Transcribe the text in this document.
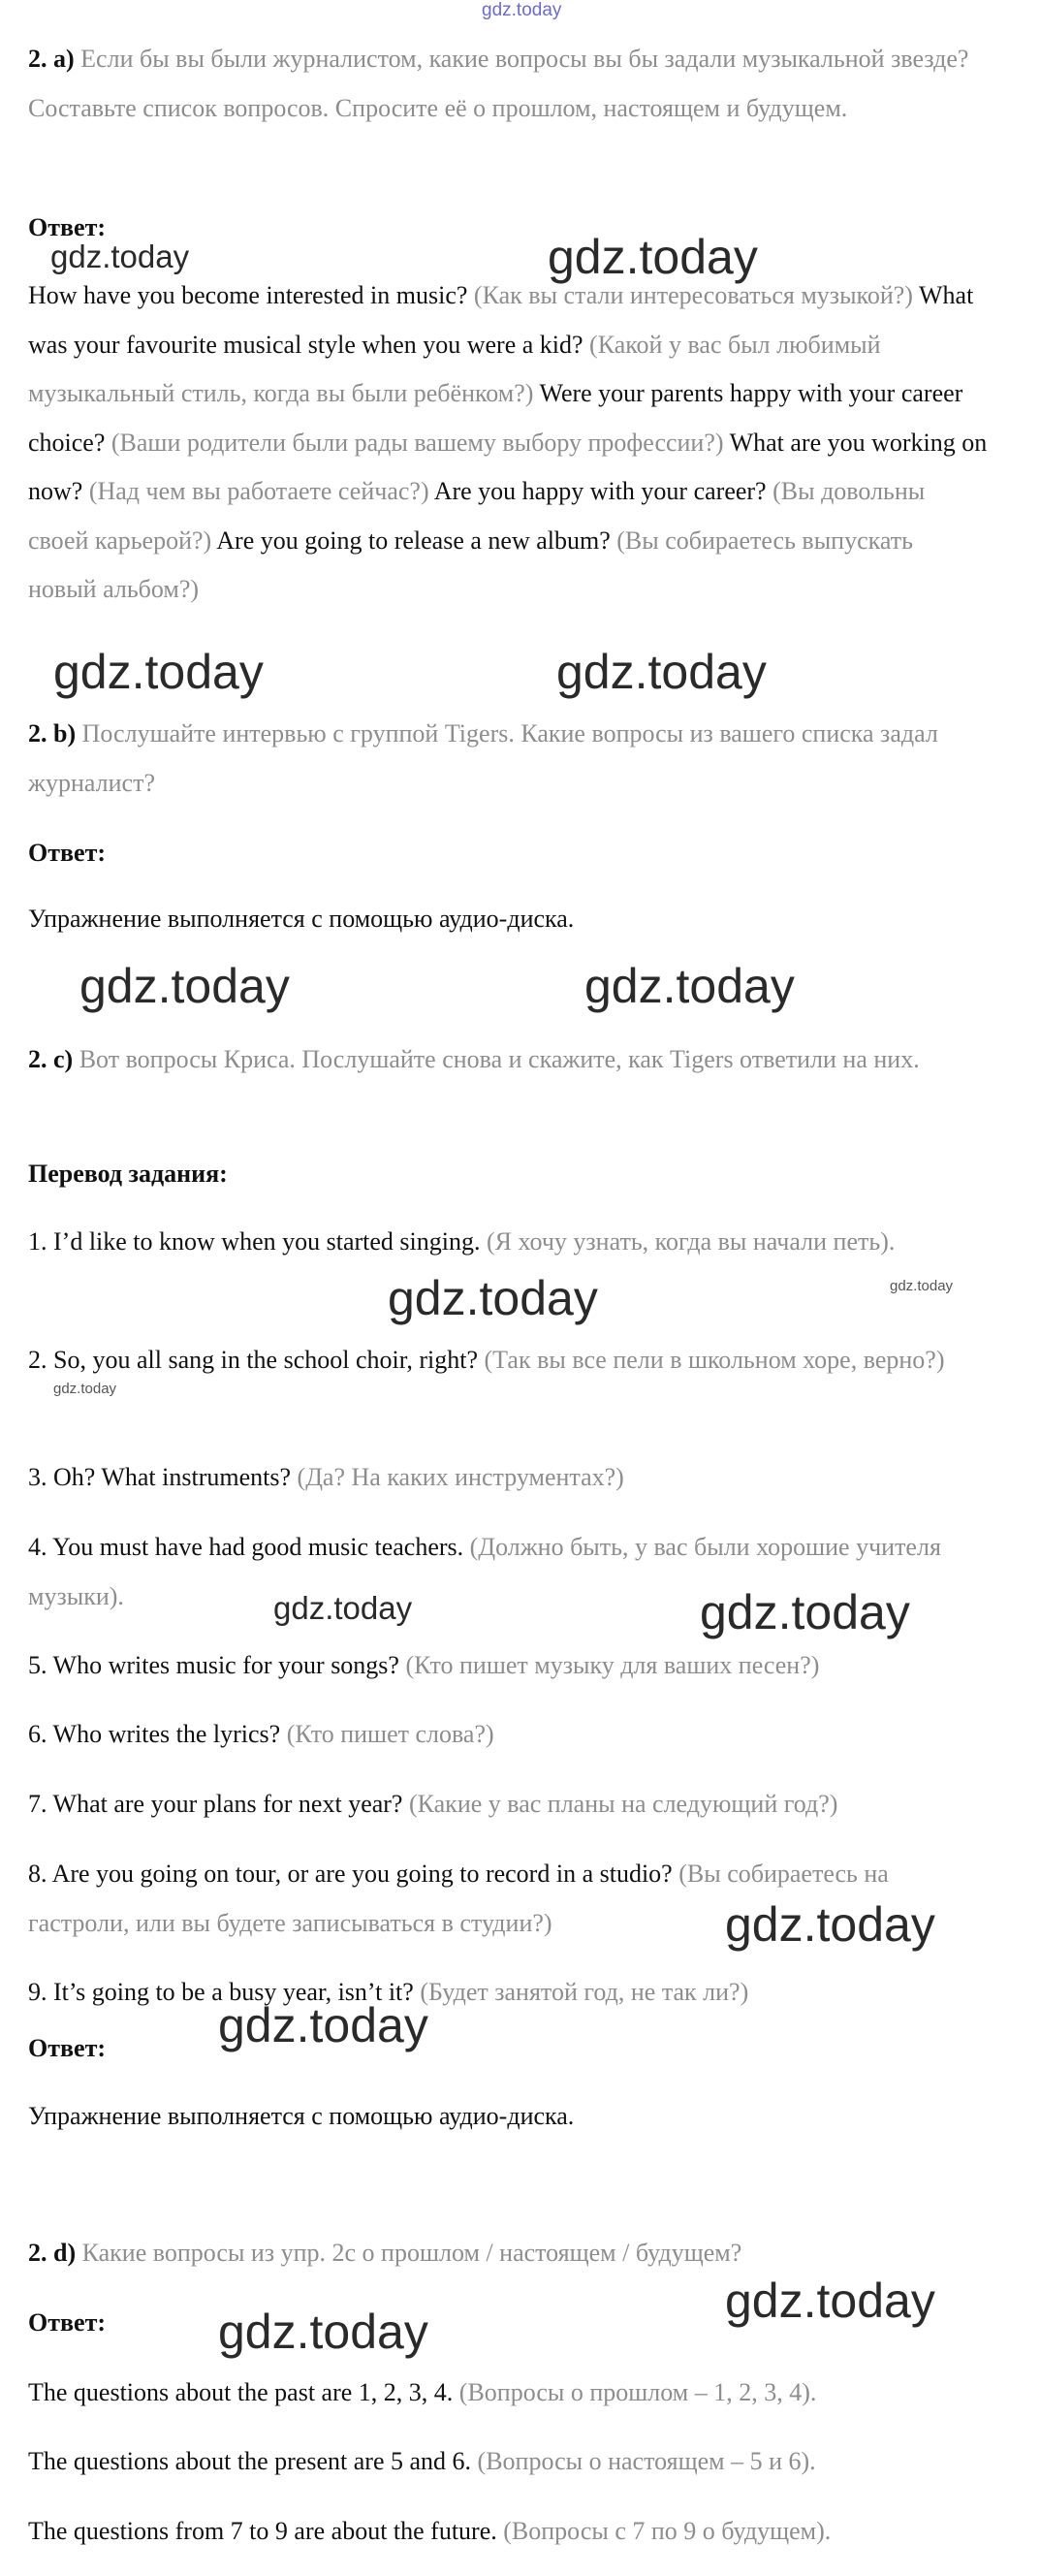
2. a) Если бы вы были журналистом, какие вопросы вы бы задали музыкальной звезде? Составьте список вопросов. Спросите её о прошлом, настоящем и будущем.
Ответ:
How have you become interested in music? (Как вы стали интересоваться музыкой?) What was your favourite musical style when you were a kid? (Какой у вас был любимый музыкальный стиль, когда вы были ребёнком?) Were your parents happy with your career choice? (Ваши родители были рады вашему выбору профессии?) What are you working on now? (Над чем вы работаете сейчас?) Are you happy with your career? (Вы довольны своей карьерой?) Are you going to release a new album? (Вы собираетесь выпускать новый альбом?)
2. b) Послушайте интервью с группой Tigers. Какие вопросы из вашего списка задал журналист?
Ответ:
Упражнение выполняется с помощью аудио-диска.
2. c) Вот вопросы Криса. Послушайте снова и скажите, как Tigers ответили на них.
Перевод задания:
1. I’d like to know when you started singing. (Я хочу узнать, когда вы начали петь).
2. So, you all sang in the school choir, right? (Так вы все пели в школьном хоре, верно?)
3. Oh? What instruments? (Да? На каких инструментах?)
4. You must have had good music teachers. (Должно быть, у вас были хорошие учителя музыки).
5. Who writes music for your songs? (Кто пишет музыку для ваших песен?)
6. Who writes the lyrics? (Кто пишет слова?)
7. What are your plans for next year? (Какие у вас планы на следующий год?)
8. Are you going on tour, or are you going to record in a studio? (Вы собираетесь на гастроли, или вы будете записываться в студии?)
9. It’s going to be a busy year, isn’t it? (Будет занятой год, не так ли?)
Ответ:
Упражнение выполняется с помощью аудио-диска.
2. d) Какие вопросы из упр. 2с о прошлом / настоящем / будущем?
Ответ:
The questions about the past are 1, 2, 3, 4. (Вопросы о прошлом – 1, 2, 3, 4).
The questions about the present are 5 and 6. (Вопросы о настоящем – 5 и 6).
The questions from 7 to 9 are about the future. (Вопросы с 7 по 9 о будущем).
gdz.today
gdz.today	gdz.today
gdz.today	gdz.today
gdz.today	gdz.today
gdz.today	gdz.today
gdz.today
gdz.today	gdz.today
gdz.today
gdz.today
gdz.today
gdz.today
